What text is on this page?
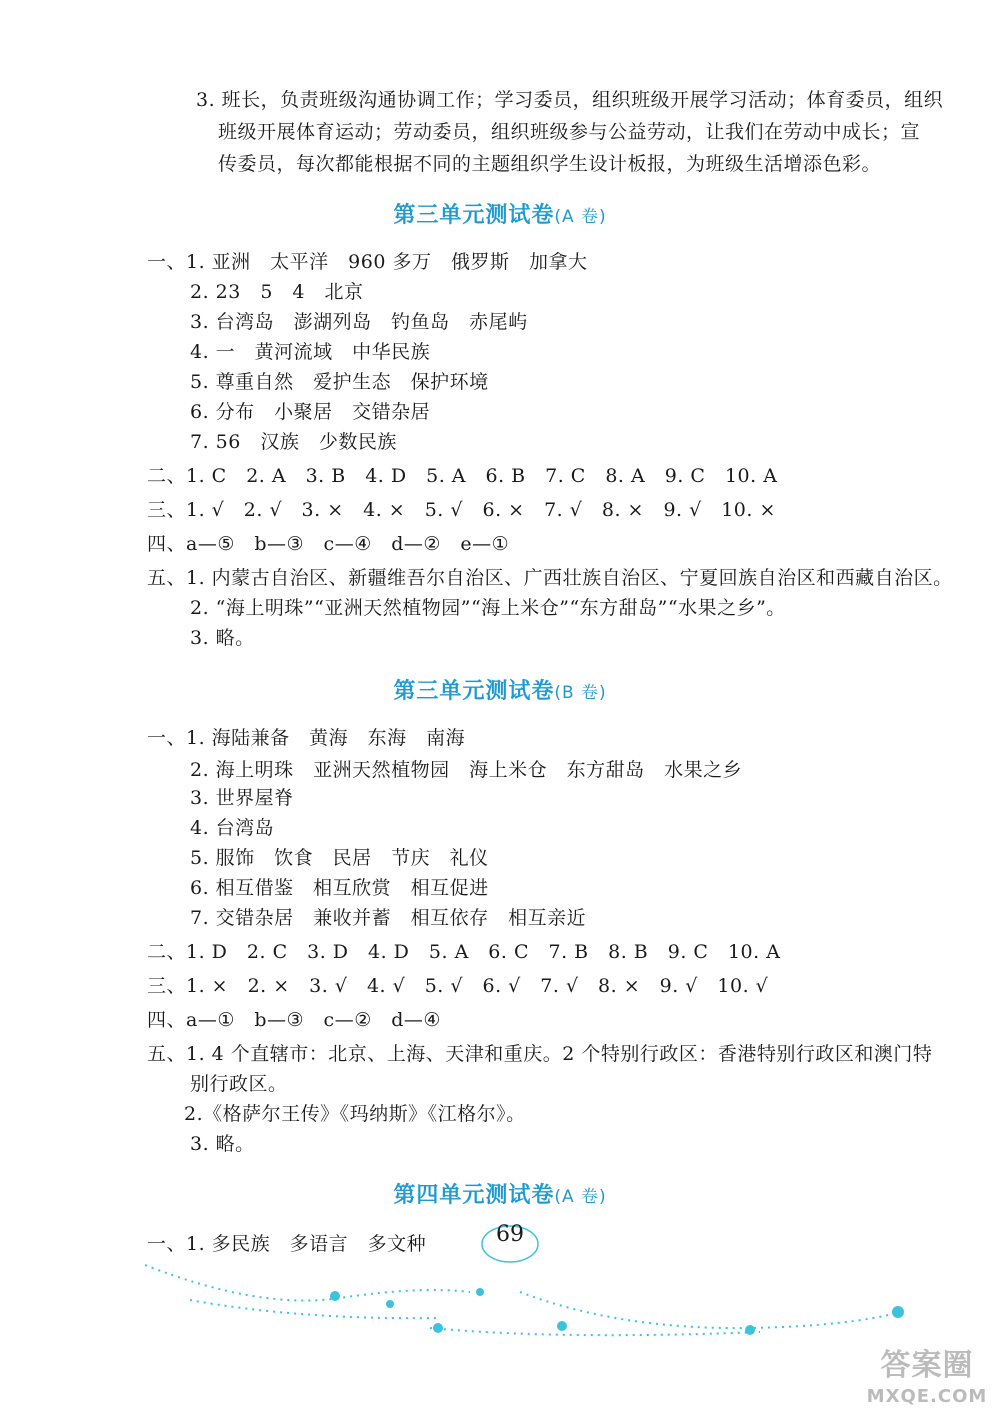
3. 班长，负责班级沟通协调工作；学习委员，组织班级开展学习活动；体育委员，组织
班级开展体育运动；劳动委员，组织班级参与公益劳动，让我们在劳动中成长；宣
传委员，每次都能根据不同的主题组织学生设计板报，为班级生活增添色彩。
第三单元测试卷(A 卷)
一、1. 亚洲　太平洋　960 多万　俄罗斯　加拿大
2. 23　5　4　北京
3. 台湾岛　澎湖列岛　钓鱼岛　赤尾屿
4. 一　黄河流域　中华民族
5. 尊重自然　爱护生态　保护环境
6. 分布　小聚居　交错杂居
7. 56　汉族　少数民族
二、1. C　2. A　3. B　4. D　5. A　6. B　7. C　8. A　9. C　10. A
三、1. √　2. √　3. ×　4. ×　5. √　6. ×　7. √　8. ×　9. √　10. ×
四、a—⑤　b—③　c—④　d—②　e—①
五、1. 内蒙古自治区、新疆维吾尔自治区、广西壮族自治区、宁夏回族自治区和西藏自治区。
2. “海上明珠”“亚洲天然植物园”“海上米仓”“东方甜岛”“水果之乡”。
3. 略。
第三单元测试卷(B 卷)
一、1. 海陆兼备　黄海　东海　南海
2. 海上明珠　亚洲天然植物园　海上米仓　东方甜岛　水果之乡
3. 世界屋脊
4. 台湾岛
5. 服饰　饮食　民居　节庆　礼仪
6. 相互借鉴　相互欣赏　相互促进
7. 交错杂居　兼收并蓄　相互依存　相互亲近
二、1. D　2. C　3. D　4. D　5. A　6. C　7. B　8. B　9. C　10. A
三、1. ×　2. ×　3. √　4. √　5. √　6. √　7. √　8. ×　9. √　10. √
四、a—①　b—③　c—②　d—④
五、1. 4 个直辖市：北京、上海、天津和重庆。2 个特别行政区：香港特别行政区和澳门特
别行政区。
2.《格萨尔王传》《玛纳斯》《江格尔》。
3. 略。
第四单元测试卷(A 卷)
一、1. 多民族　多语言　多文种	69
答案圈
MXQE.COM
